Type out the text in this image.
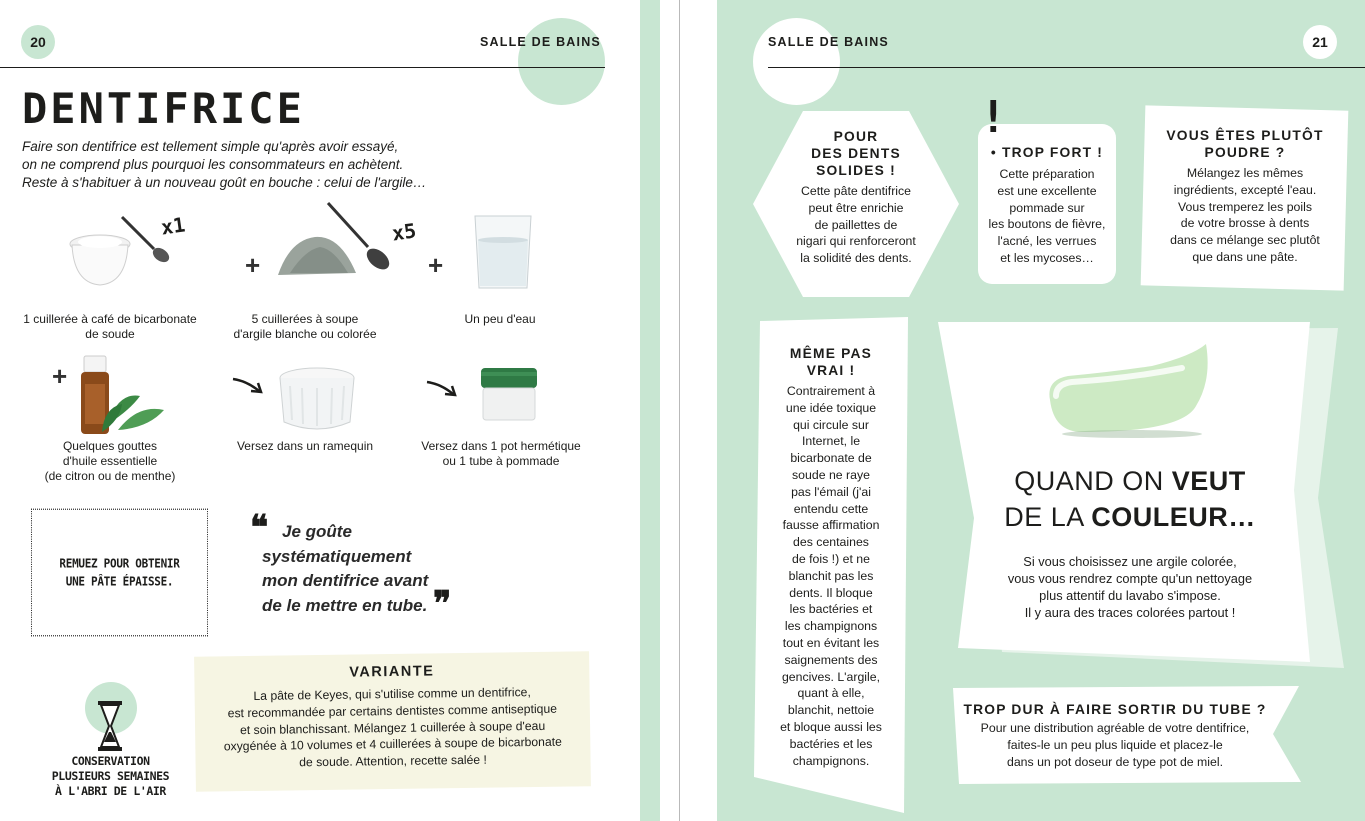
20	SALLE DE BAINS
DENTIFRICE
Faire son dentifrice est tellement simple qu'après avoir essayé,
on ne comprend plus pourquoi les consommateurs en achètent.
Reste à s'habituer à un nouveau goût en bouche : celui de l'argile…
x1
+
x5
+
1 cuillerée à café de bicarbonate
de soude
5 cuillerées à soupe
d'argile blanche ou colorée
Un peu d'eau
+
Quelques gouttes
d'huile essentielle
(de citron ou de menthe)
Versez dans un ramequin	Versez dans 1 pot hermétique
ou 1 tube à pommade
REMUEZ POUR OBTENIR
UNE PÂTE ÉPAISSE.
❝ Je goûte
systématiquement
mon dentifrice avant
de le mettre en tube. ❞
VARIANTE
La pâte de Keyes, qui s'utilise comme un dentifrice,
est recommandée par certains dentistes comme antiseptique
et soin blanchissant. Mélangez 1 cuillerée à soupe d'eau
oxygénée à 10 volumes et 4 cuillerées à soupe de bicarbonate
de soude. Attention, recette salée !
CONSERVATION
PLUSIEURS SEMAINES
À L'ABRI DE L'AIR
SALLE DE BAINS	21
POUR
DES DENTS
SOLIDES !
Cette pâte dentifrice
peut être enrichie
de paillettes de
nigari qui renforceront
la solidité des dents.
!
• TROP FORT !
Cette préparation
est une excellente
pommade sur
les boutons de fièvre,
l'acné, les verrues
et les mycoses…
VOUS ÊTES PLUTÔT
POUDRE ?
Mélangez les mêmes
ingrédients, excepté l'eau.
Vous tremperez les poils
de votre brosse à dents
dans ce mélange sec plutôt
que dans une pâte.
MÊME PAS
VRAI !
Contrairement à
une idée toxique
qui circule sur
Internet, le
bicarbonate de
soude ne raye
pas l'émail (j'ai
entendu cette
fausse affirmation
des centaines
de fois !) et ne
blanchit pas les
dents. Il bloque
les bactéries et
les champignons
tout en évitant les
saignements des
gencives. L'argile,
quant à elle,
blanchit, nettoie
et bloque aussi les
bactéries et les
champignons.
QUAND ON VEUT
DE LA COULEUR…
Si vous choisissez une argile colorée,
vous vous rendrez compte qu'un nettoyage
plus attentif du lavabo s'impose.
Il y aura des traces colorées partout !
TROP DUR À FAIRE SORTIR DU TUBE ?
Pour une distribution agréable de votre dentifrice,
faites-le un peu plus liquide et placez-le
dans un pot doseur de type pot de miel.
